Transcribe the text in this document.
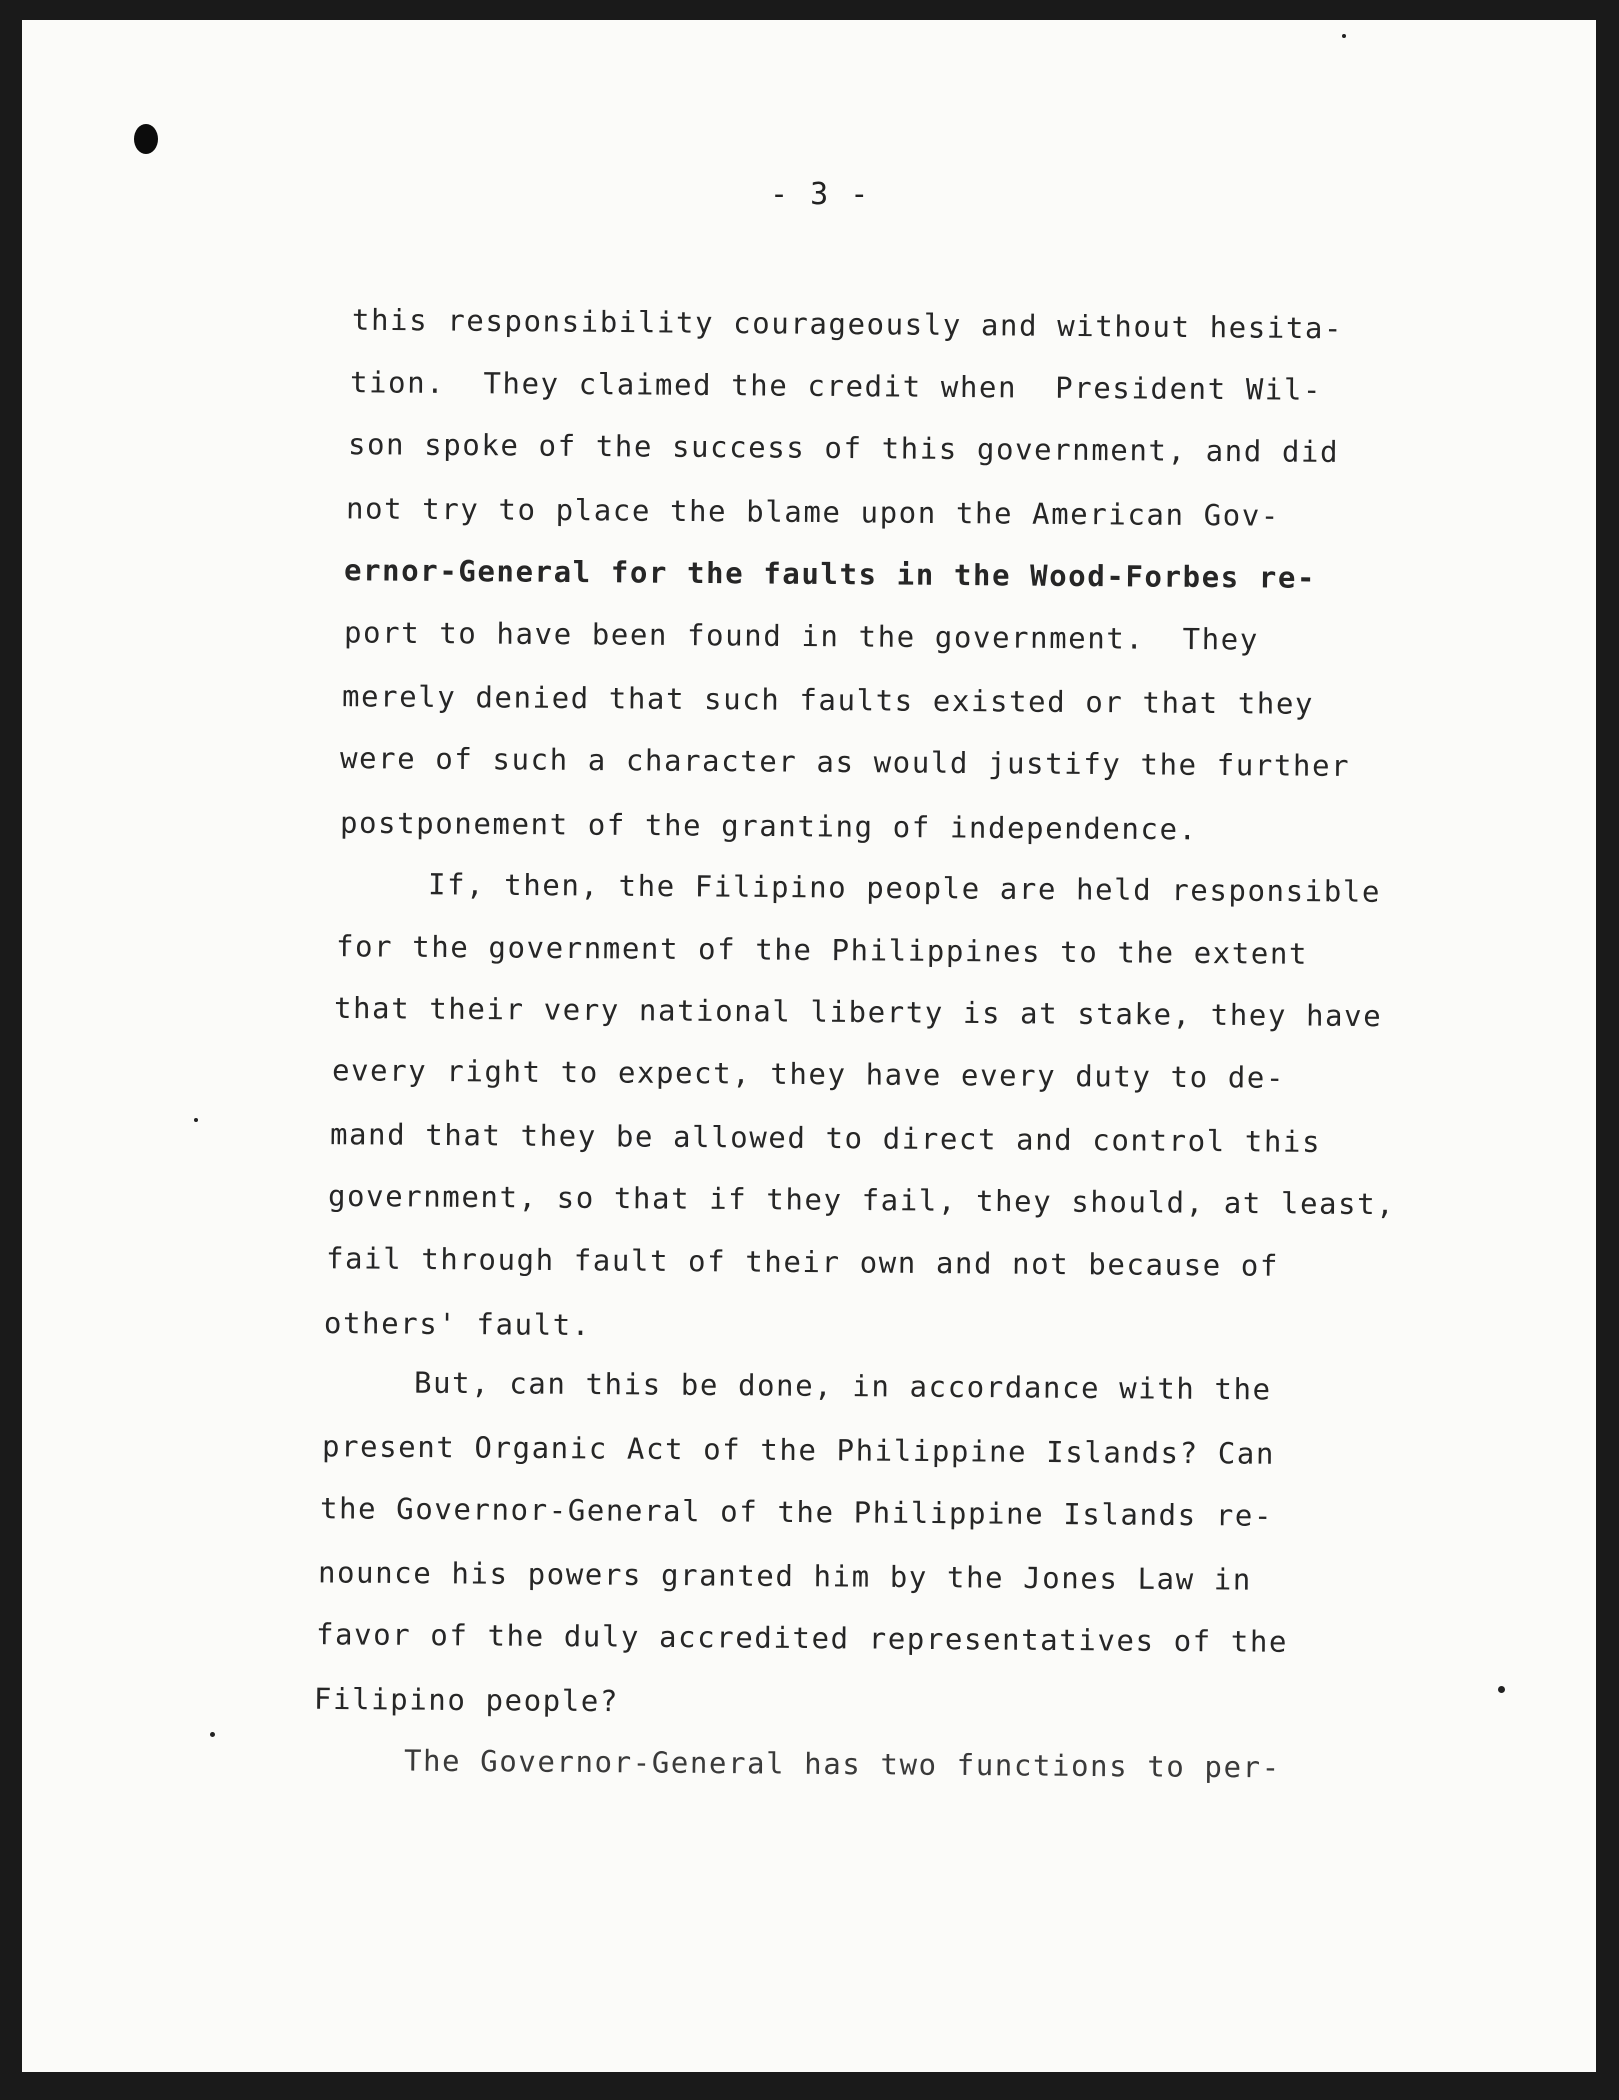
- 3 -
this responsibility courageously and without hesita-
tion.  They claimed the credit when  President Wil-
son spoke of the success of this government, and did
not try to place the blame upon the American Gov-
ernor-General for the faults in the Wood-Forbes re-
port to have been found in the government.  They
merely denied that such faults existed or that they
were of such a character as would justify the further
postponement of the granting of independence.
If, then, the Filipino people are held responsible
for the government of the Philippines to the extent
that their very national liberty is at stake, they have
every right to expect, they have every duty to de-
mand that they be allowed to direct and control this
government, so that if they fail, they should, at least,
fail through fault of their own and not because of
others' fault.
But, can this be done, in accordance with the
present Organic Act of the Philippine Islands? Can
the Governor-General of the Philippine Islands re-
nounce his powers granted him by the Jones Law in
favor of the duly accredited representatives of the
Filipino people?
The Governor-General has two functions to per-
